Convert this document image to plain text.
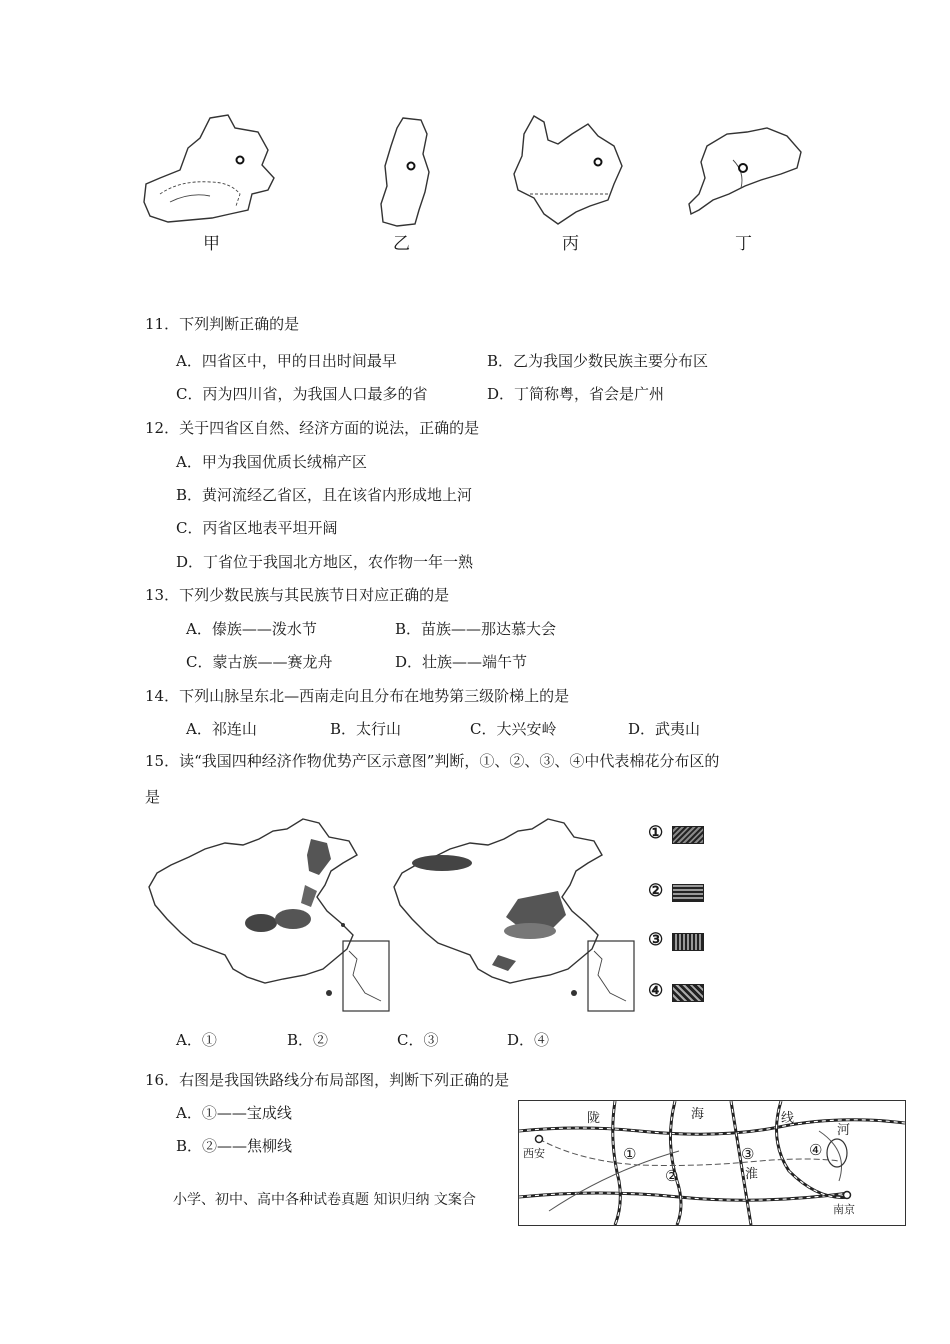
甲	乙	丙	丁
11．下列判断正确的是
A．四省区中，甲的日出时间最早	B．乙为我国少数民族主要分布区
C．丙为四川省，为我国人口最多的省	D．丁简称粤，省会是广州
12．关于四省区自然、经济方面的说法，正确的是
A．甲为我国优质长绒棉产区
B．黄河流经乙省区，且在该省内形成地上河
C．丙省区地表平坦开阔
D．丁省位于我国北方地区，农作物一年一熟
13．下列少数民族与其民族节日对应正确的是
A．傣族——泼水节	B．苗族——那达慕大会
C．蒙古族——赛龙舟	D．壮族——端午节
14．下列山脉呈东北—西南走向且分布在地势第三级阶梯上的是
A．祁连山	B．太行山	C．大兴安岭	D．武夷山
15．读“我国四种经济作物优势产区示意图”判断，①、②、③、④中代表棉花分布区的
是
①
②
③
④
A．①	B．②	C．③	D．④
16．右图是我国铁路线分布局部图，判断下列正确的是
A．①——宝成线
B．②——焦柳线
陇	海	线
河
西安	①
②
③
淮
④
南京
小学、初中、高中各种试卷真题 知识归纳 文案合
